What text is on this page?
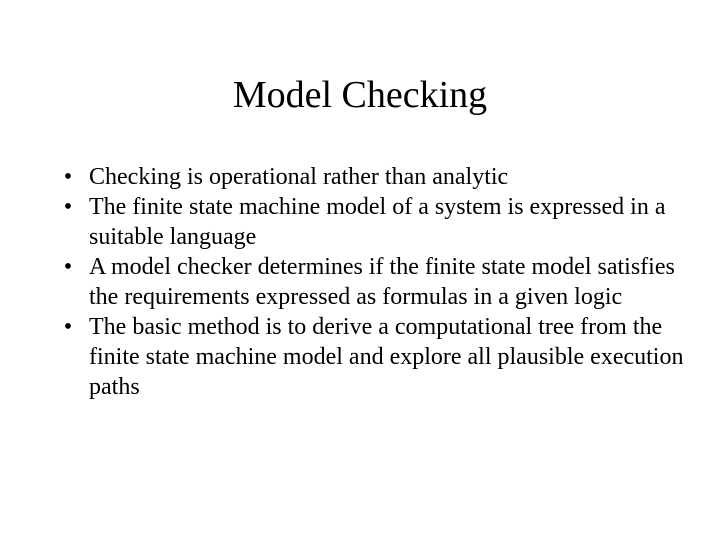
Model Checking
• Checking is operational rather than analytic
• The finite state machine model of a system is expressed in a suitable language
• A model checker determines if the finite state model satisfies the requirements expressed as formulas in a given logic
• The basic method is to derive a computational tree from the finite state machine model and explore all plausible execution paths
